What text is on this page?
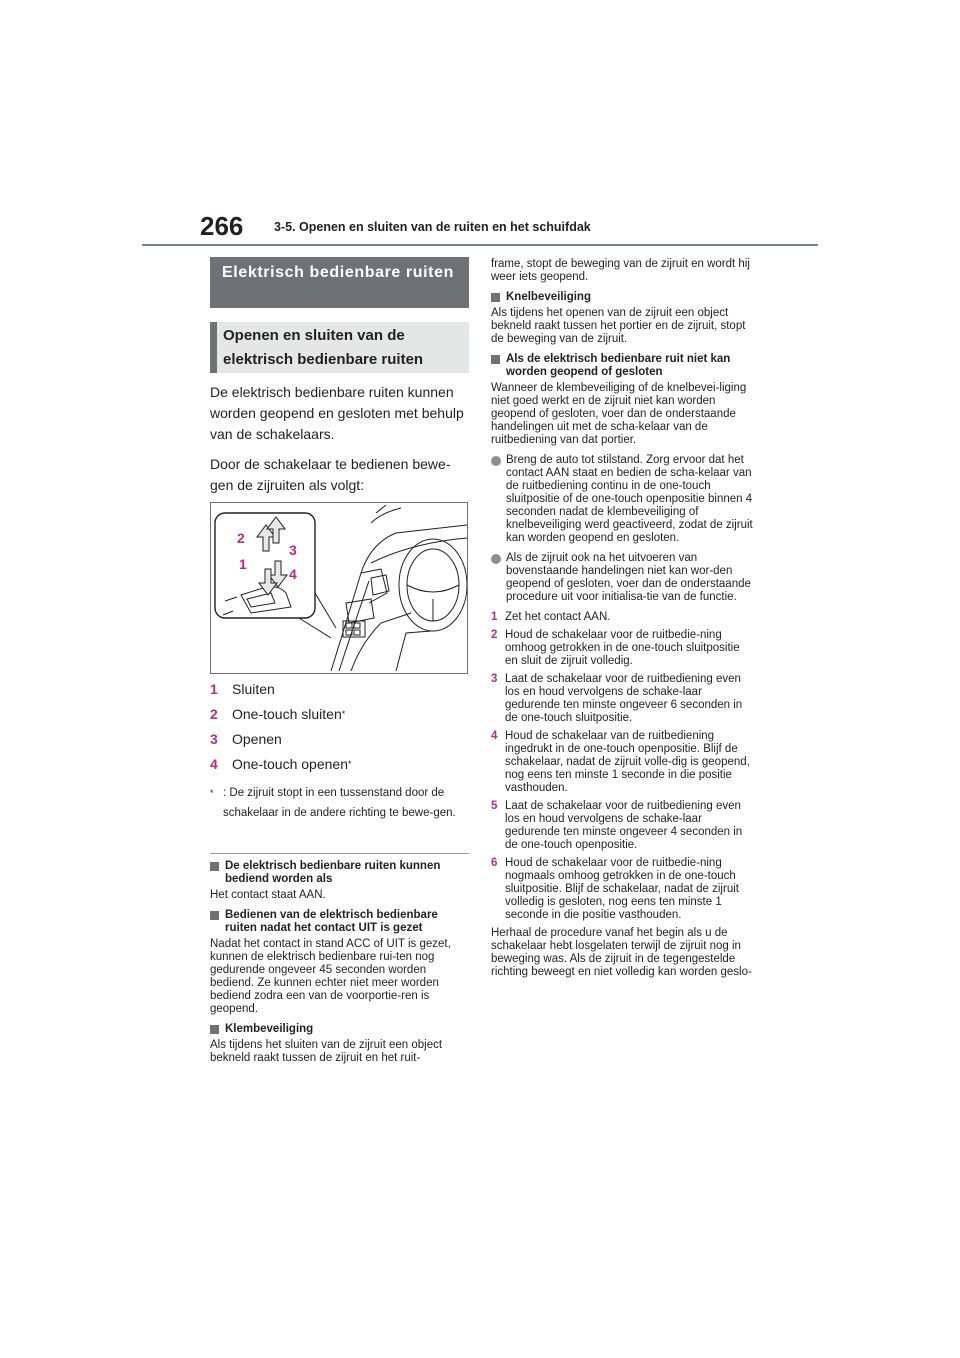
266 3-5. Openen en sluiten van de ruiten en het schuifdak
Elektrisch bedienbare ruiten
Openen en sluiten van de elektrisch bedienbare ruiten

De elektrisch bedienbare ruiten kunnen worden geopend en gesloten met behulp van de schakelaars.

Door de schakelaar te bedienen bewe-gen de zijruiten als volgt:

2
3
1
4
1	Sluiten
2	One-touch sluiten *
3	Openen
4	One-touch openen *
* : De zijruit stopt in een tussenstand door de schakelaar in de andere richting te bewe-gen.
De elektrisch bedienbare ruiten kunnen bediend worden als

Het contact staat AAN.

Bedienen van de elektrisch bedienbare ruiten nadat het contact UIT is gezet

Nadat het contact in stand ACC of UIT is gezet, kunnen de elektrisch bedienbare rui-ten nog gedurende ongeveer 45 seconden worden bediend. Ze kunnen echter niet meer worden bediend zodra een van de voorportie-ren is geopend.

Klembeveiliging

Als tijdens het sluiten van de zijruit een object bekneld raakt tussen de zijruit en het ruit-

frame, stopt de beweging van de zijruit en wordt hij weer iets geopend.

Knelbeveiliging

Als tijdens het openen van de zijruit een object bekneld raakt tussen het portier en de zijruit, stopt de beweging van de zijruit.

Als de elektrisch bedienbare ruit niet kan worden geopend of gesloten

Wanneer de klembeveiliging of de knelbevei-liging niet goed werkt en de zijruit niet kan worden geopend of gesloten, voer dan de onderstaande handelingen uit met de scha-kelaar van de ruitbediening van dat portier.

Breng de auto tot stilstand. Zorg ervoor dat het contact AAN staat en bedien de scha-kelaar van de ruitbediening continu in de one-touch sluitpositie of de one-touch openpositie binnen 4 seconden nadat de klembeveiliging of knelbeveiliging werd geactiveerd, zodat de zijruit kan worden geopend en gesloten.
Als de zijruit ook na het uitvoeren van bovenstaande handelingen niet kan wor-den geopend of gesloten, voer dan de onderstaande procedure uit voor initialisa-tie van de functie.
1 Zet het contact AAN.
2 Houd de schakelaar voor de ruitbedie-ning omhoog getrokken in de one-touch sluitpositie en sluit de zijruit volledig.
3 Laat de schakelaar voor de ruitbediening even los en houd vervolgens de schake-laar gedurende ten minste ongeveer 6 seconden in de one-touch sluitpositie.
4 Houd de schakelaar van de ruitbediening ingedrukt in de one-touch openpositie. Blijf de schakelaar, nadat de zijruit volle-dig is geopend, nog eens ten minste 1 seconde in die positie vasthouden.
5 Laat de schakelaar voor de ruitbediening even los en houd vervolgens de schake-laar gedurende ten minste ongeveer 4 seconden in de one-touch openpositie.
6 Houd de schakelaar voor de ruitbedie-ning nogmaals omhoog getrokken in de one-touch sluitpositie. Blijf de schakelaar, nadat de zijruit volledig is gesloten, nog eens ten minste 1 seconde in die positie vasthouden.

Herhaal de procedure vanaf het begin als u de schakelaar hebt losgelaten terwijl de zijruit nog in beweging was. Als de zijruit in de tegengestelde richting beweegt en niet volledig kan worden geslo-
